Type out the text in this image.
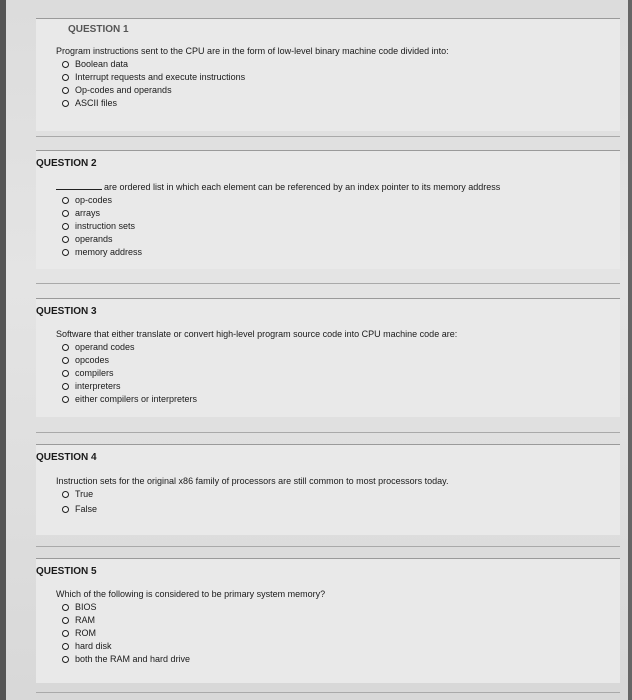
QUESTION 1
Program instructions sent to the CPU are in the form of low-level binary machine code divided into:
Boolean data
Interrupt requests and execute instructions
Op-codes and operands
ASCII files
QUESTION 2
are ordered list in which each element can be referenced by an index pointer to its memory address
op-codes
arrays
instruction sets
operands
memory address
QUESTION 3
Software that either translate or convert high-level program source code into CPU machine code are:
operand codes
opcodes
compilers
interpreters
either compilers or interpreters
QUESTION 4
Instruction sets for the original x86 family of processors are still common to most processors today.
True
False
QUESTION 5
Which of the following is considered to be primary system memory?
BIOS
RAM
ROM
hard disk
both the RAM and hard drive
